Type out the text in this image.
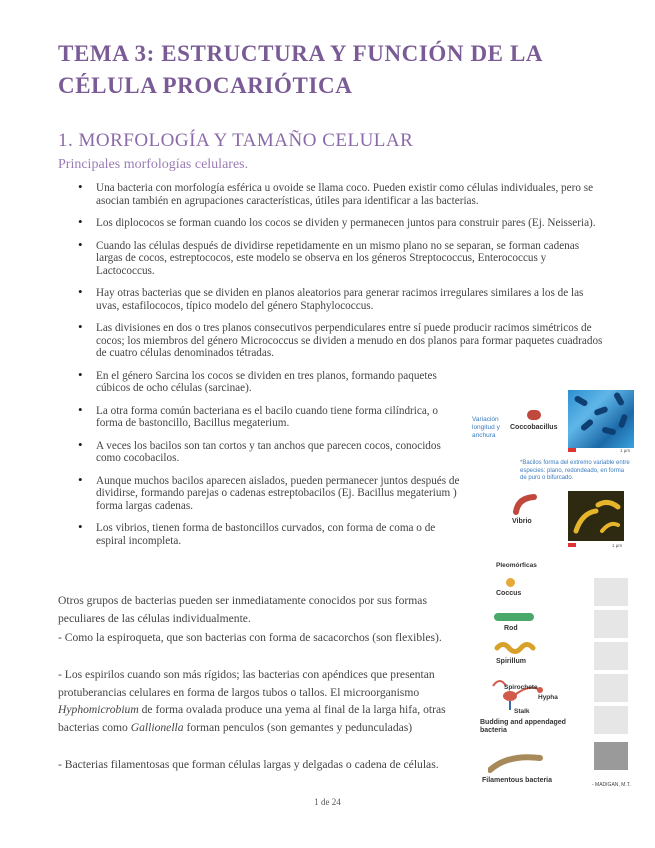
TEMA 3: ESTRUCTURA Y FUNCIÓN DE LA CÉLULA PROCARIÓTICA
1. MORFOLOGÍA Y TAMAÑO CELULAR
Principales morfologías celulares.
• Una bacteria con morfología esférica u ovoide se llama coco. Pueden existir como células individuales, pero se asocian también en agrupaciones características, útiles para identificar a las bacterias.
• Los diplococos se forman cuando los cocos se dividen y permanecen juntos para construir pares (Ej. Neisseria).
• Cuando las células después de dividirse repetidamente en un mismo plano no se separan, se forman cadenas largas de cocos, estreptococos, este modelo se observa en los géneros Streptococcus, Enterococcus y Lactococcus.
• Hay otras bacterias que se dividen en planos aleatorios para generar racimos irregulares similares a los de las uvas, estafilococos, típico modelo del género Staphylococcus.
• Las divisiones en dos o tres planos consecutivos perpendiculares entre sí puede producir racimos simétricos de cocos; los miembros del género Micrococcus se dividen a menudo en dos planos para formar paquetes cuadrados de cuatro células denominados tétradas.
• En el género Sarcina los cocos se dividen en tres planos, formando paquetes cúbicos de ocho células (sarcinae).
• La otra forma común bacteriana es el bacilo cuando tiene forma cilíndrica, o forma de bastoncillo, Bacillus megaterium.
• A veces los bacilos son tan cortos y tan anchos que parecen cocos, conocidos como cocobacilos.
• Aunque muchos bacilos aparecen aislados, pueden permanecer juntos después de dividirse, formando parejas o cadenas estreptobacilos (Ej. Bacillus megaterium ) forma largas cadenas.
• Los vibrios, tienen forma de bastoncillos curvados, con forma de coma o de espiral incompleta.
Otros grupos de bacterias pueden ser inmediatamente conocidos por sus formas peculiares de las células individualmente.
- Como la espiroqueta, que son bacterias con forma de sacacorchos (son flexibles).
- Los espirilos cuando son más rígidos; las bacterias con apéndices que presentan protuberancias celulares en forma de largos tubos o tallos. El microorganismo Hyphomicrobium de forma ovalada produce una yema al final de la larga hifa, otras bacterias como Gallionella forman penculos (son gemantes y pedunculadas)
- Bacterias filamentosas que forman células largas y delgadas o cadena de células.
Variación longitud y anchura
Coccobacillus
1 µm
*Bacilos forma del extremo variable entre especies: plano, redondeado, en forma de puro o bifurcado.
Vibrio
1 µm
Pleomórficas
Coccus
Rod
Spirillum
Spirochete
Hypha
Stalk
Budding and appendaged bacteria
Filamentous bacteria
- MADIGAN, M.T.
1 de 24
